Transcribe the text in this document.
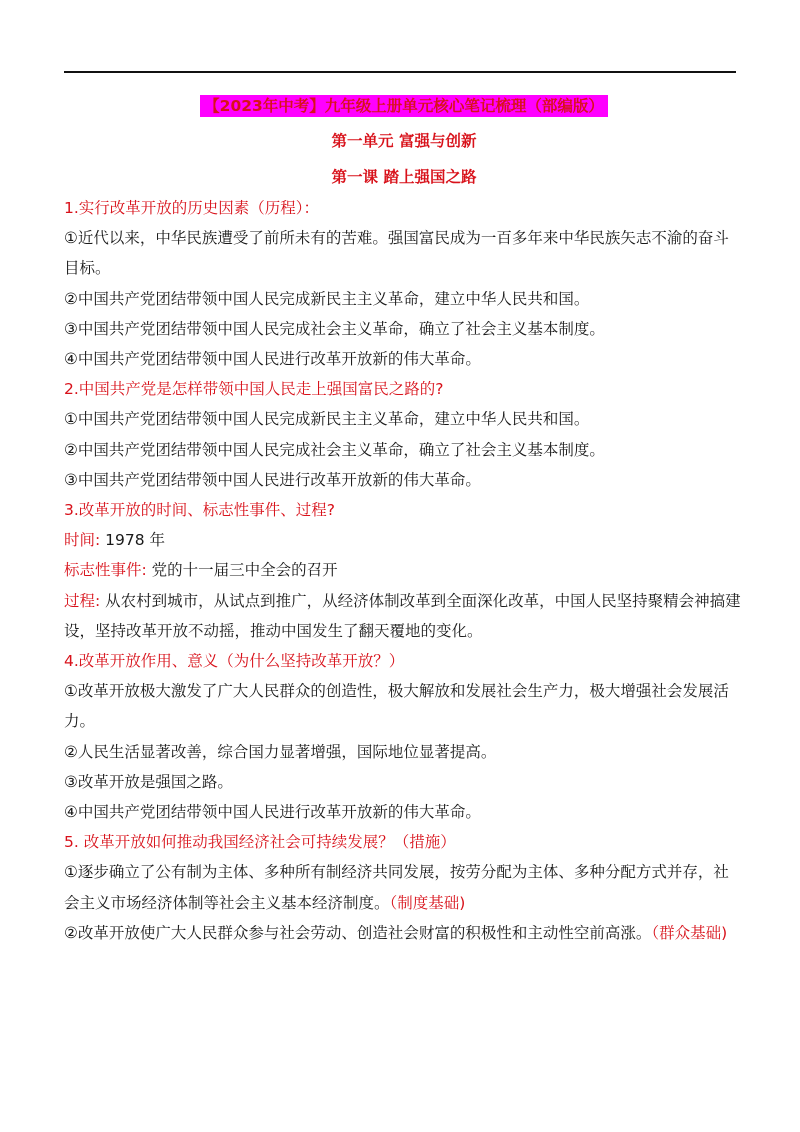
【2023年中考】九年级上册单元核心笔记梳理（部编版）
第一单元 富强与创新
第一课 踏上强国之路

1.实行改革开放的历史因素（历程）：

①近代以来，中华民族遭受了前所未有的苦难。强国富民成为一百多年来中华民族矢志不渝的奋斗目标。

②中国共产党团结带领中国人民完成新民主主义革命，建立中华人民共和国。

③中国共产党团结带领中国人民完成社会主义革命，确立了社会主义基本制度。

④中国共产党团结带领中国人民进行改革开放新的伟大革命。

2.中国共产党是怎样带领中国人民走上强国富民之路的?

①中国共产党团结带领中国人民完成新民主主义革命，建立中华人民共和国。

②中国共产党团结带领中国人民完成社会主义革命，确立了社会主义基本制度。

③中国共产党团结带领中国人民进行改革开放新的伟大革命。

3.改革开放的时间、标志性事件、过程?

时间: 1978 年

标志性事件: 党的十一届三中全会的召开

过程: 从农村到城市，从试点到推广，从经济体制改革到全面深化改革，中国人民坚持聚精会神搞建设，坚持改革开放不动摇，推动中国发生了翻天覆地的变化。

4.改革开放作用、意义（为什么坚持改革开放？）

①改革开放极大激发了广大人民群众的创造性，极大解放和发展社会生产力，极大增强社会发展活力。

②人民生活显著改善，综合国力显著增强，国际地位显著提高。

③改革开放是强国之路。

④中国共产党团结带领中国人民进行改革开放新的伟大革命。

5. 改革开放如何推动我国经济社会可持续发展？（措施）

①逐步确立了公有制为主体、多种所有制经济共同发展，按劳分配为主体、多种分配方式并存，社会主义市场经济体制等社会主义基本经济制度。（制度基础)

②改革开放使广大人民群众参与社会劳动、创造社会财富的积极性和主动性空前高涨。（群众基础)
